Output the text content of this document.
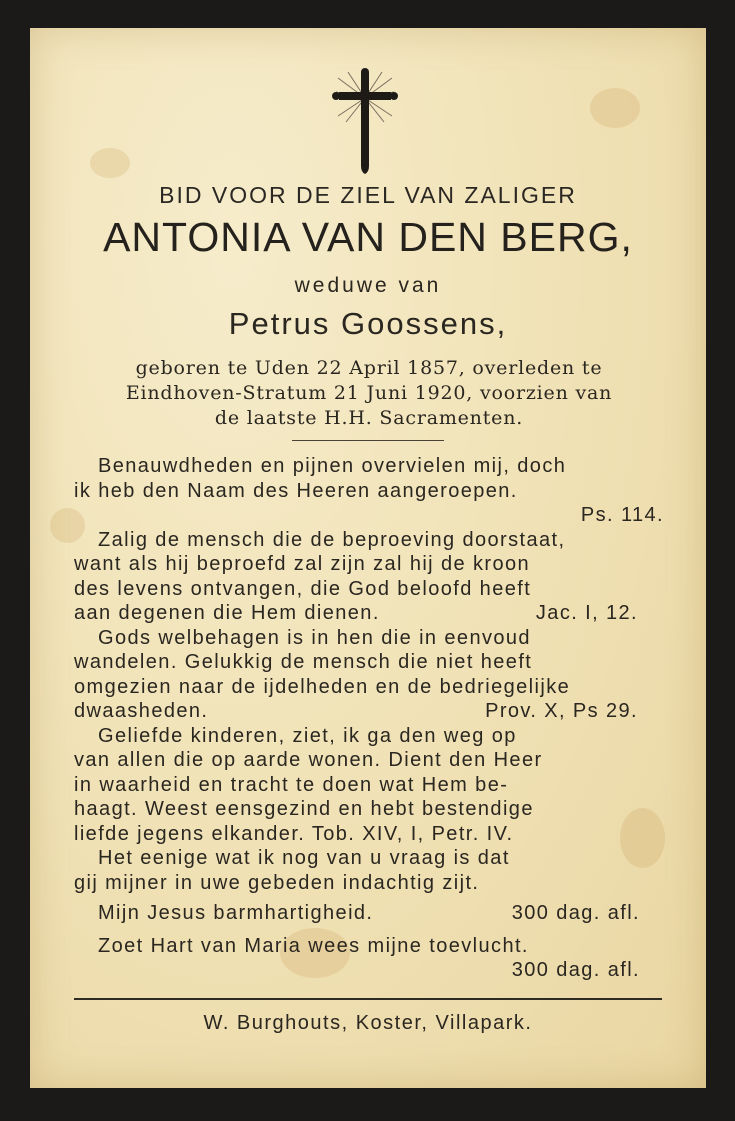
BID VOOR DE ZIEL VAN ZALIGER
ANTONIA VAN DEN BERG,
weduwe van
Petrus Goossens,
geboren te Uden 22 April 1857, overleden te
Eindhoven-Stratum 21 Juni 1920, voorzien van
de laatste H.H. Sacramenten.
Benauwdheden en pijnen overvielen mij, doch
ik heb den Naam des Heeren aangeroepen.
Ps. 114.
Zalig de mensch die de beproeving doorstaat,
want als hij beproefd zal zijn zal hij de kroon
des levens ontvangen, die God beloofd heeft
aan degenen die Hem dienen.	Jac. I, 12.
Gods welbehagen is in hen die in eenvoud
wandelen. Gelukkig de mensch die niet heeft
omgezien naar de ijdelheden en de bedriegelijke
dwaasheden.	Prov. X, Ps 29.
Geliefde kinderen, ziet, ik ga den weg op
van allen die op aarde wonen. Dient den Heer
in waarheid en tracht te doen wat Hem be-
haagt. Weest eensgezind en hebt bestendige
liefde jegens elkander. Tob. XIV, I, Petr. IV.
Het eenige wat ik nog van u vraag is dat
gij mijner in uwe gebeden indachtig zijt.
Mijn Jesus barmhartigheid.	300 dag. afl.
Zoet Hart van Maria wees mijne toevlucht.
300 dag. afl.
W. Burghouts, Koster, Villapark.
